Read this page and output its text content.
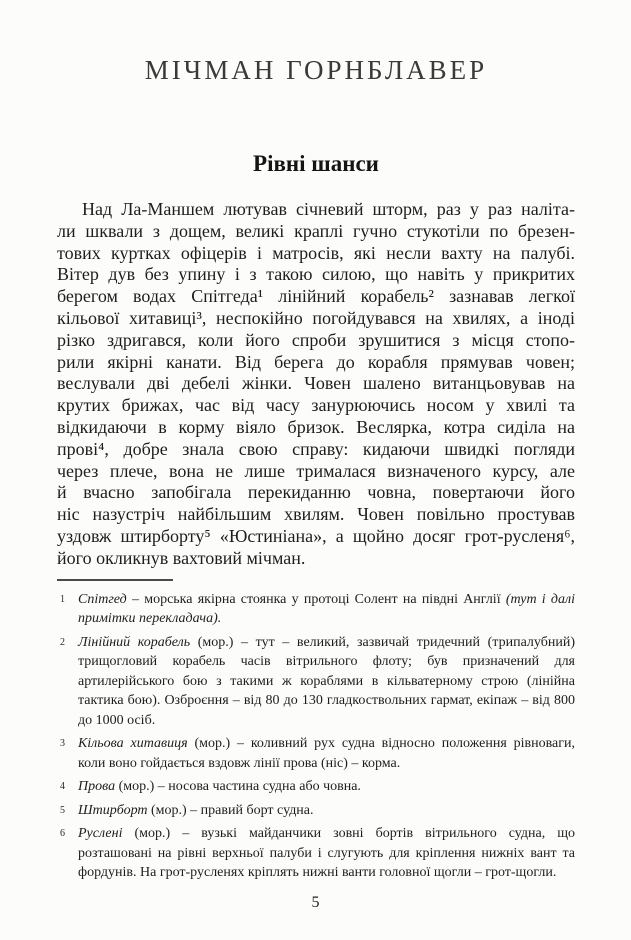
МІЧМАН ГОРНБЛАВЕР
Рівні шанси
Над Ла-Маншем лютував січневий шторм, раз у раз наліта-
ли шквали з дощем, великі краплі гучно стукотіли по брезен-
тових куртках офіцерів і матросів, які несли вахту на палубі.
Вітер дув без упину і з такою силою, що навіть у прикритих
берегом водах Спітгеда¹ лінійний корабель² зазнавав легкої
кільової хитавиці³, неспокійно погойдувався на хвилях, а іноді
різко здригався, коли його спроби зрушитися з місця стопо-
рили якірні канати. Від берега до корабля прямував човен;
веслували дві дебелі жінки. Човен шалено витанцьовував на
крутих брижах, час від часу занурюючись носом у хвилі та
відкидаючи в корму віяло бризок. Веслярка, котра сиділа на
прові⁴, добре знала свою справу: кидаючи швидкі погляди
через плече, вона не лише трималася визначеного курсу, але
й вчасно запобігала перекиданню човна, повертаючи його
ніс назустріч найбільшим хвилям. Човен повільно простував
уздовж штирборту⁵ «Юстиніана», а щойно досяг грот-русленя⁶,
його окликнув вахтовий мічман.
1 Спітгед – морська якірна стоянка у протоці Солент на півдні Англії (тут і далі примітки перекладача).
2 Лінійний корабель (мор.) – тут – великий, зазвичай тридечний (трипалубний) трищогловий корабель часів вітрильного флоту; був призначений для артилерійського бою з такими ж кораблями в кільватерному строю (лінійна тактика бою). Озброєння – від 80 до 130 гладкоствольних гармат, екіпаж – від 800 до 1000 осіб.
3 Кільова хитавиця (мор.) – коливний рух судна відносно положення рівноваги, коли воно гойдається вздовж лінії прова (ніс) – корма.
4 Прова (мор.) – носова частина судна або човна.
5 Штирборт (мор.) – правий борт судна.
6 Руслені (мор.) – вузькі майданчики зовні бортів вітрильного судна, що розташовані на рівні верхньої палуби і слугують для кріплення нижніх вант та фордунів. На грот-русленях кріплять нижні ванти головної щогли – грот-щогли.
5
